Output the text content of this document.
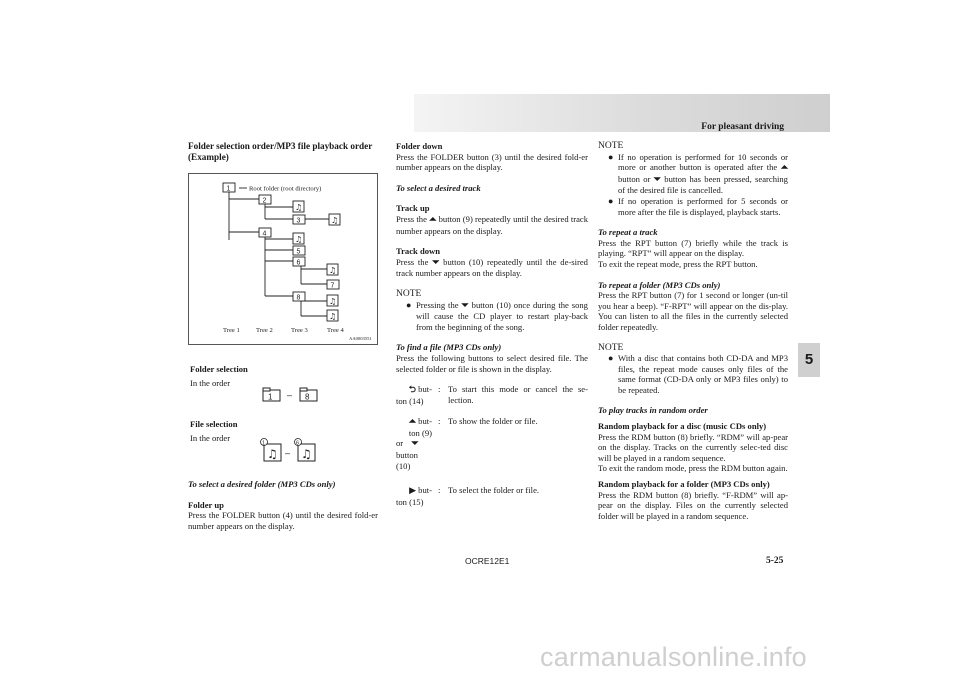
For pleasant driving

Folder selection order/MP3 file playback order (Example)

1
2
3
4
5
6
7
8
Root folder (root directory)
♫
♫
♫
♫
♫
♫
Tree 1 Tree 2	Tree 3	Tree 4
AA0003551

Folder selection

In the order

1 – 8

File selection

In the order

1
♫ –
6
♫

To select a desired folder (MP3 CDs only)

Folder up

Press the FOLDER button (4) until the desired fold-er number appears on the display.

Folder down

Press the FOLDER button (3) until the desired fold-er number appears on the display.

To select a desired track

Track up

Press the ⏶ button (9) repeatedly until the desired track number appears on the display.

Track down

Press the ⏷ button (10) repeatedly until the de-sired track number appears on the display.

NOTE

● Pressing the ⏷ button (10) once during the song will cause the CD player to restart play-back from the beginning of the song.

To find a file (MP3 CDs only)

Press the following buttons to select desired file. The selected folder or file is shown in the display.

⮌ but-
ton (14)
: To start this mode or cancel the se-lection.
⏶ but-
ton (9)
or ⏷
button
(10)
: To show the folder or file.
▶ but-
ton (15)
: To select the folder or file.

NOTE

● If no operation is performed for 10 seconds or more or another button is operated after the ⏶ button or ⏷ button has been pressed, searching of the desired file is cancelled.
● If no operation is performed for 5 seconds or more after the file is displayed, playback starts.

To repeat a track

Press the RPT button (7) briefly while the track is playing. “RPT” will appear on the display.

To exit the repeat mode, press the RPT button.

To repeat a folder (MP3 CDs only)

Press the RPT button (7) for 1 second or longer (un-til you hear a beep). “F-RPT” will appear on the dis-play. You can listen to all the files in the currently selected folder repeatedly.

NOTE

● With a disc that contains both CD-DA and MP3 files, the repeat mode causes only files of the same format (CD-DA only or MP3 files only) to be repeated.

To play tracks in random order

Random playback for a disc (music CDs only)

Press the RDM button (8) briefly. “RDM” will ap-pear on the display. Tracks on the currently selec-ted disc will be played in a random sequence.

To exit the random mode, press the RDM button again.

Random playback for a folder (MP3 CDs only)

Press the RDM button (8) briefly. “F-RDM” will ap-pear on the display. Files on the currently selected folder will be played in a random sequence.

5
OCRE12E1	5-25
carmanualsonline.info
